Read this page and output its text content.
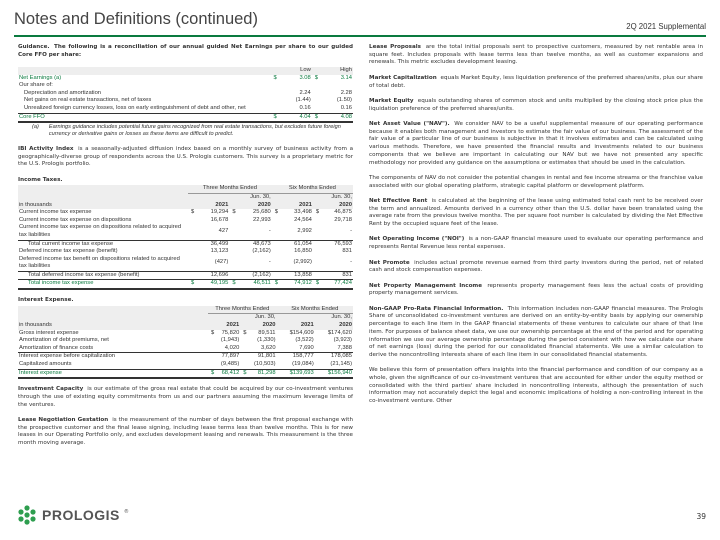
Notes and Definitions (continued)	2Q 2021 Supplemental
Guidance. The following is a reconciliation of our annual guided Net Earnings per share to our guided Core FFO per share:
		Low		High
Net Earnings (a)	$	3.08	$	3.14
Our share of:				
Depreciation and amortization		2.24		2.28
Net gains on real estate transactions, net of taxes		(1.44)		(1.50)
Unrealized foreign currency losses, loss on early extinguishment of debt and other, net		0.16		0.16
Core FFO	$	4.04	$	4.08
(a) Earnings guidance includes potential future gains recognized from real estate transactions, but excludes future foreign currency or derivative gains or losses as these items are difficult to predict.
IBI Activity Index is a seasonally-adjusted diffusion index based on a monthly survey of business activity from a geographically-diverse group of respondents across the U.S. Prologis customers. This survey is a proprietary metric for the U.S. Prologis portfolio.
Income Taxes.
	Three Months Ended				Six Months Ended			
	Jun. 30,				Jun. 30,			
in thousands		2021		2020		2021		2020
Current income tax expense	$	19,294	$	25,680	$	33,498	$	46,875
Current income tax expense on dispositions		16,678		22,993		24,564		29,718
Current income tax expense on dispositions related to acquired tax liabilities		427		-		2,992		-
Total current income tax expense		36,499		48,673		61,054		76,593
Deferred income tax expense (benefit)		13,123		(2,162)		16,850		831
Deferred income tax benefit on dispositions related to acquired tax liabilities		(427)		-		(2,992)		-
Total deferred income tax expense (benefit)		12,696		(2,162)		13,858		831
Total income tax expense	$	49,195	$	46,511	$	74,912	$	77,424
Interest Expense.
	Three Months Ended				Six Months Ended			
	Jun. 30,				Jun. 30,			
in thousands		2021		2020		2021		2020
Gross interest expense	$	75,820	$	89,511		$154,609		$174,620
Amortization of debt premiums, net		(1,943)		(1,330)		(3,522)		(3,923)
Amortization of finance costs		4,020		3,620		7,690		7,388
Interest expense before capitalization		77,897		91,801		158,777		178,085
Capitalized amounts		(9,485)		(10,503)		(19,084)		(21,145)
Interest expense	$	68,412	$	81,298		$139,693		$156,940
Investment Capacity is our estimate of the gross real estate that could be acquired by our co-investment ventures through the use of existing equity commitments from us and our partners assuming the maximum leverage limits of the ventures.
Lease Negotiation Gestation is the measurement of the number of days between the first proposal exchange with the prospective customer and the final lease signing, including lease terms less than twelve months. This is for new leases in our Operating Portfolio only, and excludes development leasing and renewals. This measurement is the three month moving average.
Lease Proposals are the total initial proposals sent to prospective customers, measured by net rentable area in square feet. Includes proposals with lease terms less than twelve months, as well as customer expansions and renewals. This metric excludes development leasing.
Market Capitalization equals Market Equity, less liquidation preference of the preferred shares/units, plus our share of total debt.
Market Equity equals outstanding shares of common stock and units multiplied by the closing stock price plus the liquidation preference of the preferred shares/units.
Net Asset Value ("NAV"). We consider NAV to be a useful supplemental measure of our operating performance because it enables both management and investors to estimate the fair value of our business. The assessment of the fair value of a particular line of our business is subjective in that it involves estimates and can be calculated using various methods. Therefore, we have presented the financial results and investments related to our business components that we believe are important in calculating our NAV but we have not presented any specific methodology nor provided any guidance on the assumptions or estimates that should be used in the calculation.
The components of NAV do not consider the potential changes in rental and fee income streams or the franchise value associated with our global operating platform, strategic capital platform or development platform.
Net Effective Rent is calculated at the beginning of the lease using estimated total cash rent to be received over the term and annualized. Amounts derived in a currency other than the U.S. dollar have been translated using the average rate from the previous twelve months. The per square foot number is calculated by dividing the Net Effective Rent by the occupied square feet of the lease.
Net Operating Income ("NOI") is a non-GAAP financial measure used to evaluate our operating performance and represents Rental Revenue less rental expenses.
Net Promote includes actual promote revenue earned from third party investors during the period, net of related cash and stock compensation expenses.
Net Property Management Income represents property management fees less the actual costs of providing property management services.
Non-GAAP Pro-Rata Financial Information. This information includes non-GAAP financial measures. The Prologis Share of unconsolidated co-investment ventures are derived on an entity-by-entity basis by applying our ownership percentage to each line item in the GAAP financial statements of these ventures to calculate our share of that line item. For purposes of balance sheet data, we use our ownership percentage at the end of the period and for operating information we use our average ownership percentage during the period consistent with how we calculate our share of net earnings (loss) during the period for our consolidated financial statements. We use a similar calculation to derive the noncontrolling interests share of each line item in our consolidated financial statements.
We believe this form of presentation offers insights into the financial performance and condition of our company as a whole, given the significance of our co-investment ventures that are accounted for either under the equity method or consolidated with the third parties' share included in noncontrolling interests, although the presentation of such information may not accurately depict the legal and economic implications of holding a non-controlling interest in the co-investment venture. Other
PROLOGIS ®	39
